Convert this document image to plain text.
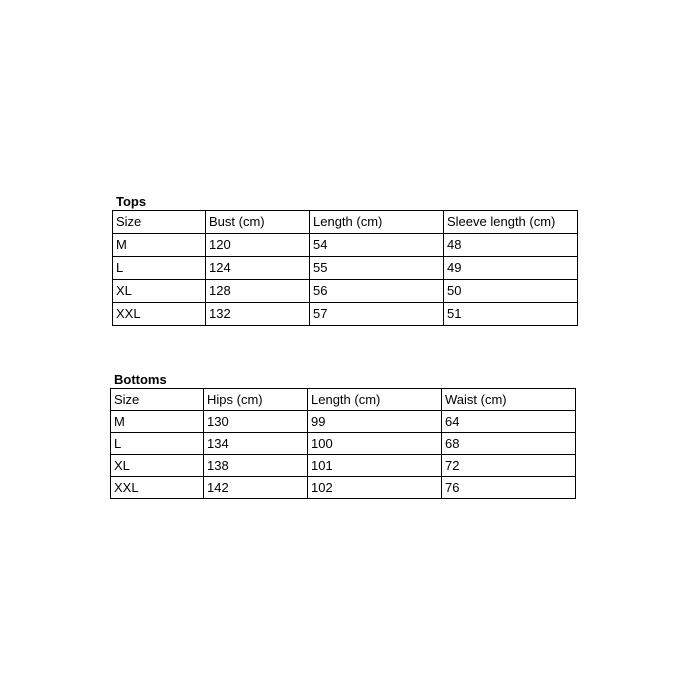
Tops
Size	Bust (cm)	Length (cm)	Sleeve length (cm)
M	120	54	48
L	124	55	49
XL	128	56	50
XXL	132	57	51
Bottoms
Size	Hips (cm)	Length (cm)	Waist (cm)
M	130	99	64
L	134	100	68
XL	138	101	72
XXL	142	102	76
